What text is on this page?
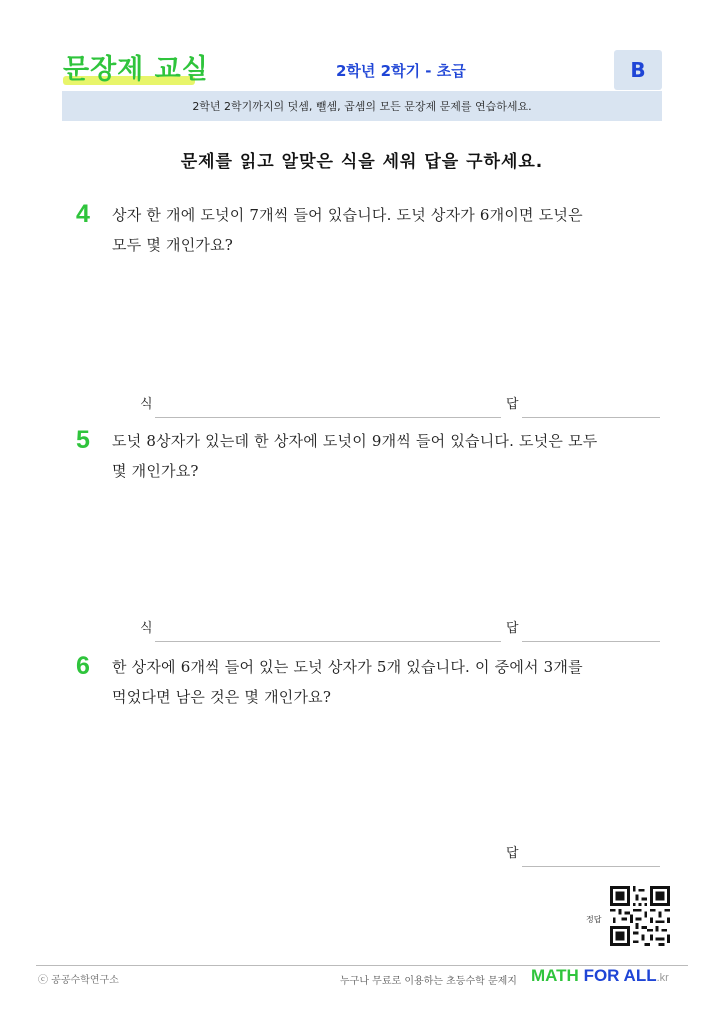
문장제 교실	2학년 2학기 - 초급	B
2학년 2학기까지의 덧셈, 뺄셈, 곱셈의 모든 문장제 문제를 연습하세요.
문제를 읽고 알맞은 식을 세워 답을 구하세요.
4	상자 한 개에 도넛이 7개씩 들어 있습니다. 도넛 상자가 6개이면 도넛은
모두 몇 개인가요?
식	답
5	도넛 8상자가 있는데 한 상자에 도넛이 9개씩 들어 있습니다. 도넛은 모두
몇 개인가요?
식	답
6	한 상자에 6개씩 들어 있는 도넛 상자가 5개 있습니다. 이 중에서 3개를
먹었다면 남은 것은 몇 개인가요?
답
정답
ⓒ 공공수학연구소	누구나 무료로 이용하는 초등수학 문제지 MATH FOR ALL.kr
